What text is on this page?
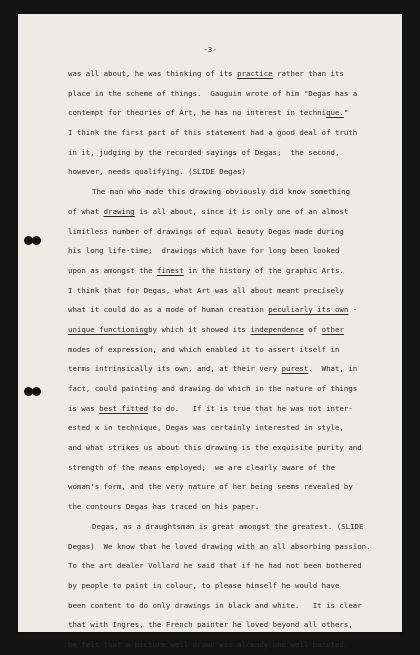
-3-
was all about, he was thinking of its practice rather than its
place in the scheme of things.  Gauguin wrote of him "Degas has a
contempt for theories of Art, he has no interest in technique."
I think the first part of this statement had a good deal of truth
in it, judging by the recorded sayings of Degas;  the second,
however, needs qualifying. (SLIDE Degas)
The man who made this drawing obviously did know something
of what drawing is all about, since it is only one of an almost
limitless number of drawings of equal beauty Degas made during
his long life-time;  drawings which have for long been looked
upon as amongst the finest in the history of the graphic Arts.
I think that for Degas, what Art was all about meant precisely
what it could do as a mode of human creation peculiarly its own -
unique functioningby which it showed its independence of other
modes of expression, and which enabled it to assert itself in
terms intrinsically its own, and, at their very purest.  What, in
fact, could painting and drawing do which in the nature of things
is was best fitted to do.   If it is true that he was not inter-
ested x in technique, Degas was certainly interested in style,
and what strikes us about this drawing is the exquisite purity and
strength of the means employed;  we are clearly aware of the
woman's form, and the very nature of her being seems revealed by
the contours Degas has traced on his paper.
Degas, as a draughtsman is great amongst the greatest. (SLIDE
Degas)  We know that he loved drawing with an all absorbing passion.
To the art dealer Vollard he said that if he had not been bothered
by people to paint in colour, to please himself he would have
been content to do only drawings in black and white.   It is clear
that with Ingres, the French painter he loved beyond all others,
he felt that a picture well drawn was already one well painted.
